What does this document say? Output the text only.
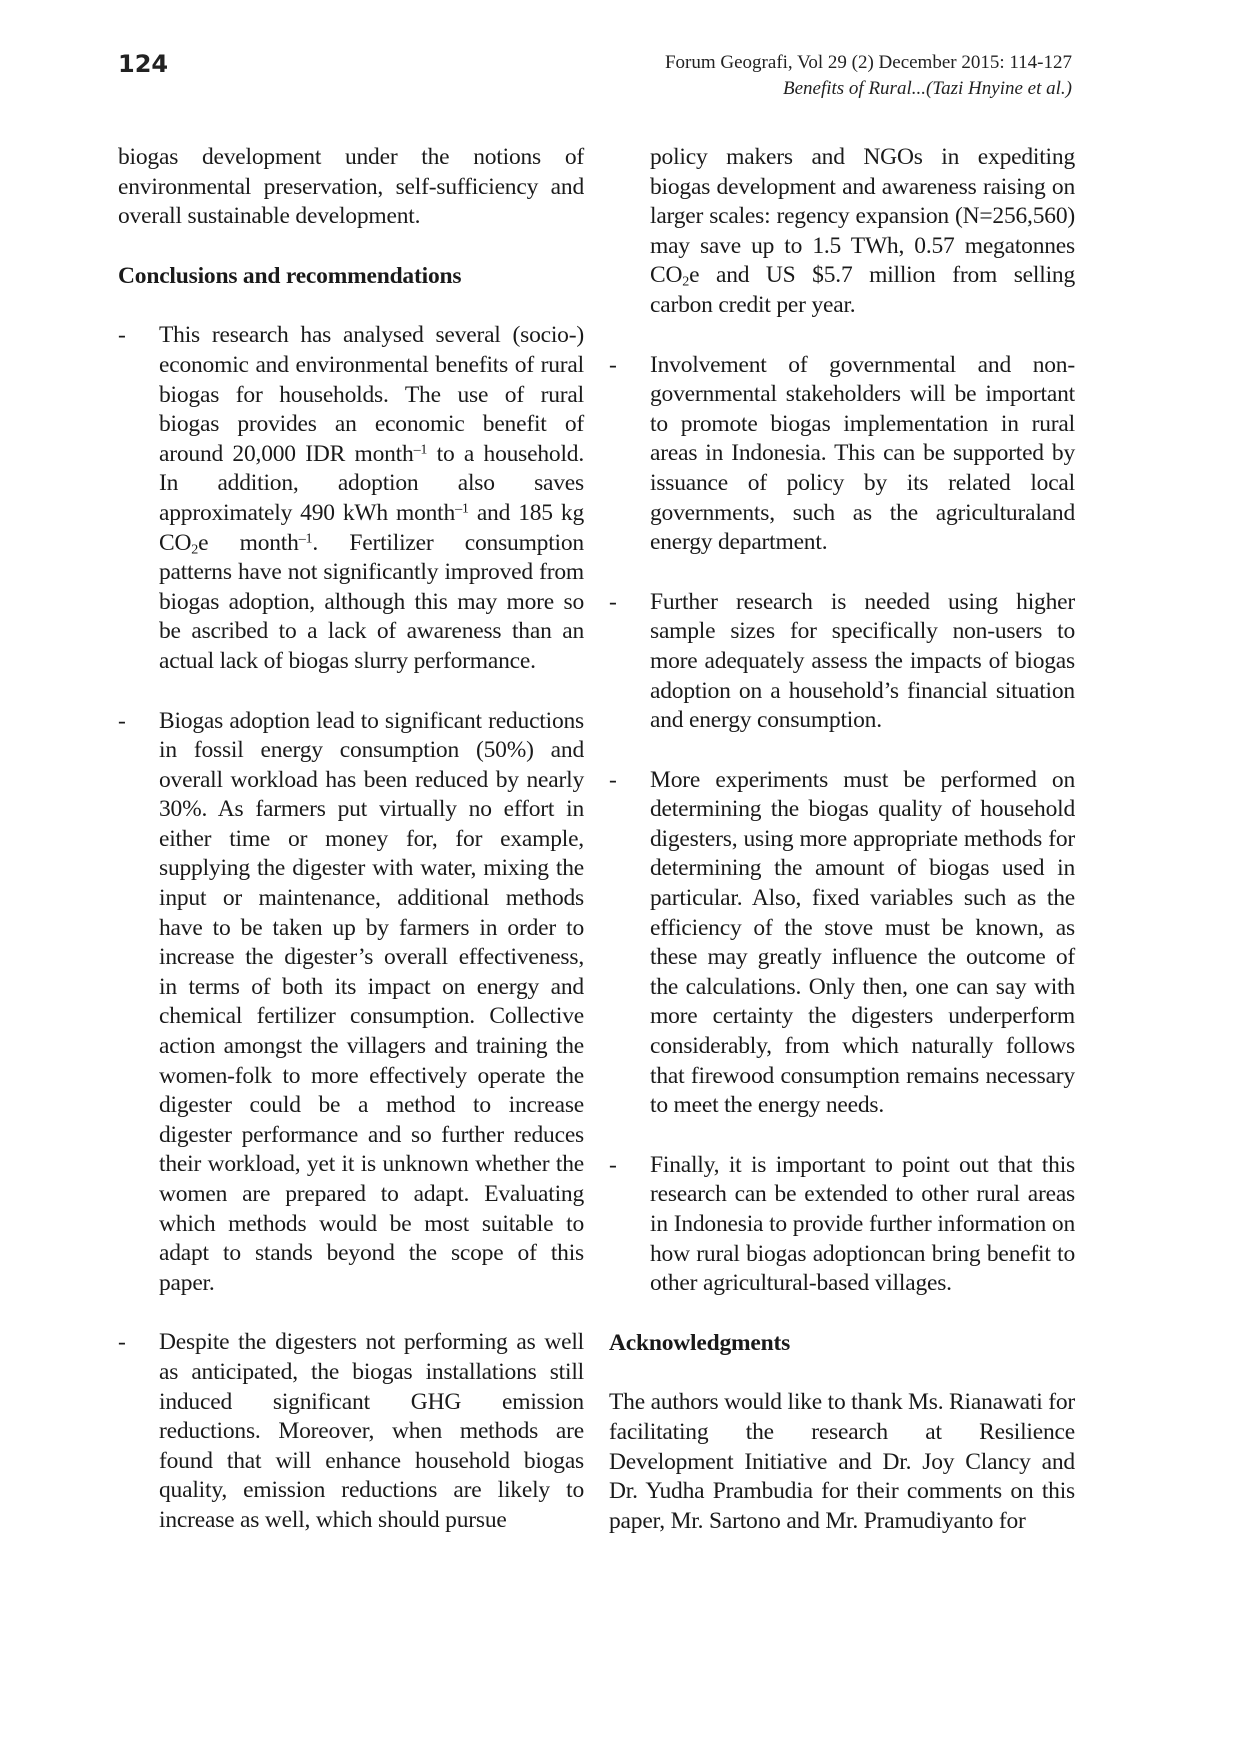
124	Forum Geografi, Vol 29 (2) December 2015: 114-127
Benefits of Rural...(Tazi Hnyine et al.)

biogas development under the notions of environmental preservation, self-sufficiency and overall sustainable development.

Conclusions and recommendations

- This research has analysed several (socio-) economic and environmental benefits of rural biogas for households. The use of rural biogas provides an economic benefit of around 20,000 IDR month$^{-1}$ to a household. In addition, adoption also saves approximately 490 kWh month$^{-1}$ and 185 kg $CO_2e$ month$^{-1}$. Fertilizer consumption patterns have not significantly improved from biogas adoption, although this may more so be ascribed to a lack of awareness than an actual lack of biogas slurry performance.

- Biogas adoption lead to significant reductions in fossil energy consumption (50%) and overall workload has been reduced by nearly 30%. As farmers put virtually no effort in either time or money for, for example, supplying the digester with water, mixing the input or maintenance, additional methods have to be taken up by farmers in order to increase the digester’s overall effectiveness, in terms of both its impact on energy and chemical fertilizer consumption. Collective action amongst the villagers and training the women-folk to more effectively operate the digester could be a method to increase digester performance and so further reduces their workload, yet it is unknown whether the women are prepared to adapt. Evaluating which methods would be most suitable to adapt to stands beyond the scope of this paper.

- Despite the digesters not performing as well as anticipated, the biogas installations still induced significant GHG emission reductions. Moreover, when methods are found that will enhance household biogas quality, emission reductions are likely to increase as well, which should pursue

policy makers and NGOs in expediting biogas development and awareness raising on larger scales: regency expansion (N=256,560) may save up to 1.5 TWh, 0.57 megatonnes $CO_2e$ and US $5.7 million from selling carbon credit per year.

- Involvement of governmental and non-governmental stakeholders will be important to promote biogas implementation in rural areas in Indonesia. This can be supported by issuance of policy by its related local governments, such as the agriculturaland energy department.

- Further research is needed using higher sample sizes for specifically non-users to more adequately assess the impacts of biogas adoption on a household’s financial situation and energy consumption.

- More experiments must be performed on determining the biogas quality of household digesters, using more appropriate methods for determining the amount of biogas used in particular. Also, fixed variables such as the efficiency of the stove must be known, as these may greatly influence the outcome of the calculations. Only then, one can say with more certainty the digesters underperform considerably, from which naturally follows that firewood consumption remains necessary to meet the energy needs.

- Finally, it is important to point out that this research can be extended to other rural areas in Indonesia to provide further information on how rural biogas adoptioncan bring benefit to other agricultural-based villages.

Acknowledgments

The authors would like to thank Ms. Rianawati for facilitating the research at Resilience Development Initiative and Dr. Joy Clancy and Dr. Yudha Prambudia for their comments on this paper, Mr. Sartono and Mr. Pramudiyanto for
